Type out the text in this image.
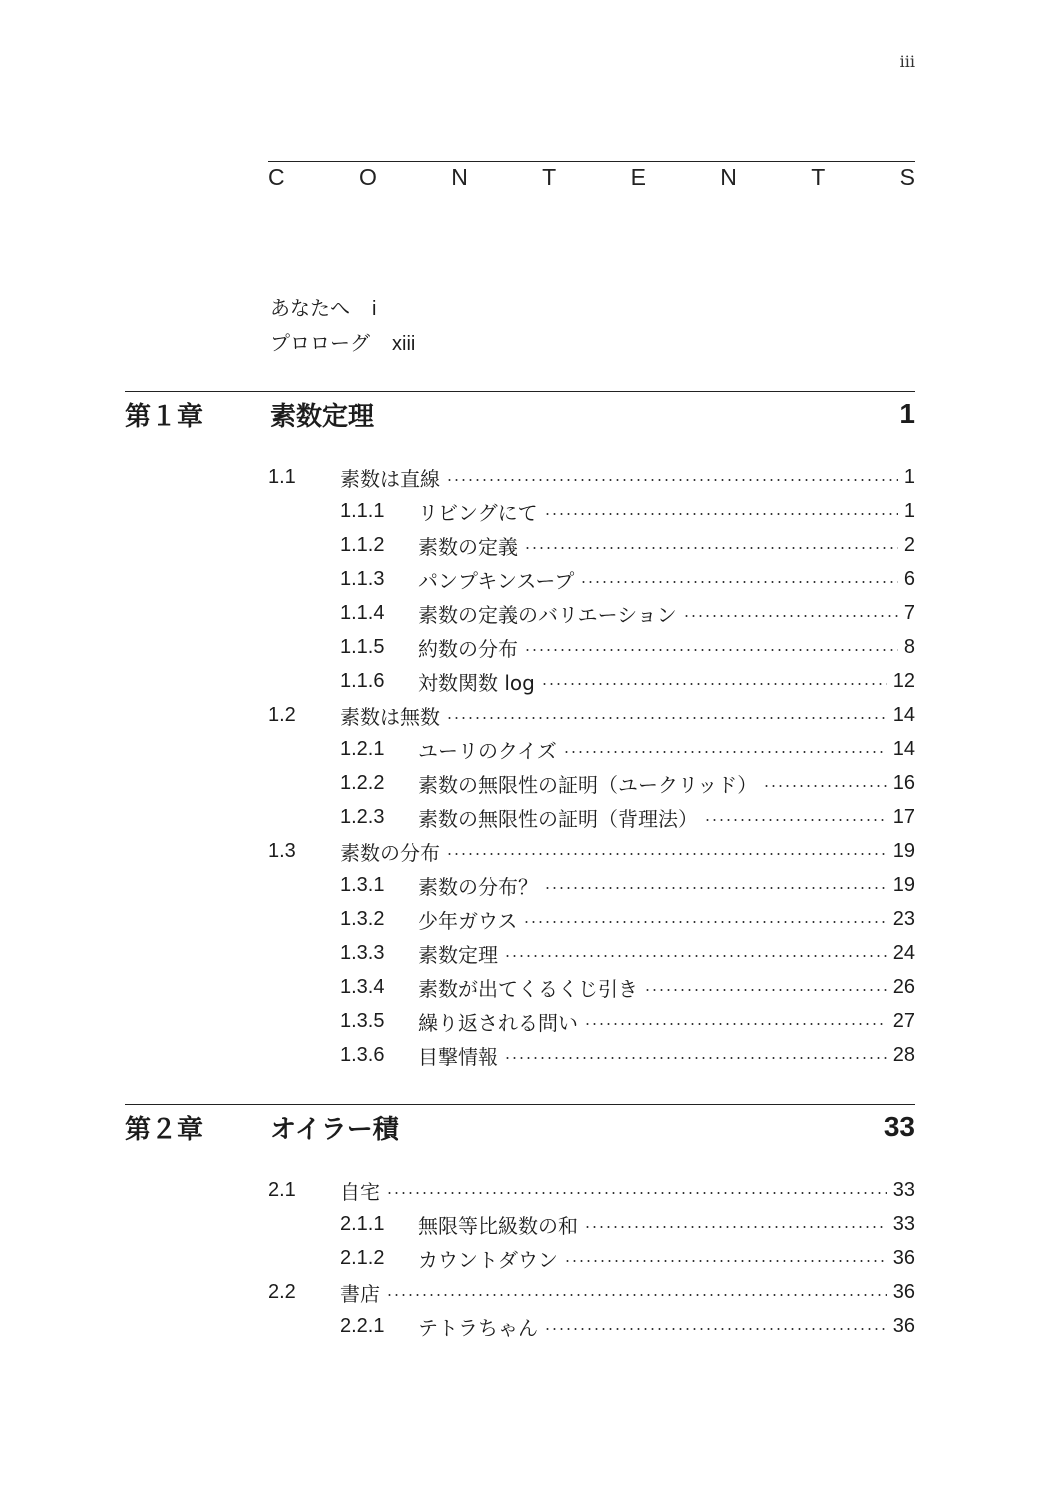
iii
C	O	N	T	E	N	T	S
あなたへ i
プロローグ xiii
第１章	素数定理	1
1.1	素数は直線	1
1.1.1	リビングにて	1
1.1.2	素数の定義	2
1.1.3	パンプキンスープ	6
1.1.4	素数の定義のバリエーション	7
1.1.5	約数の分布	8
1.1.6	対数関数 log	12
1.2	素数は無数	14
1.2.1	ユーリのクイズ	14
1.2.2	素数の無限性の証明（ユークリッド）	16
1.2.3	素数の無限性の証明（背理法）	17
1.3	素数の分布	19
1.3.1	素数の分布？	19
1.3.2	少年ガウス	23
1.3.3	素数定理	24
1.3.4	素数が出てくるくじ引き	26
1.3.5	繰り返される問い	27
1.3.6	目撃情報	28
第２章	オイラー積	33
2.1	自宅	33
2.1.1	無限等比級数の和	33
2.1.2	カウントダウン	36
2.2	書店	36
2.2.1	テトラちゃん	36
